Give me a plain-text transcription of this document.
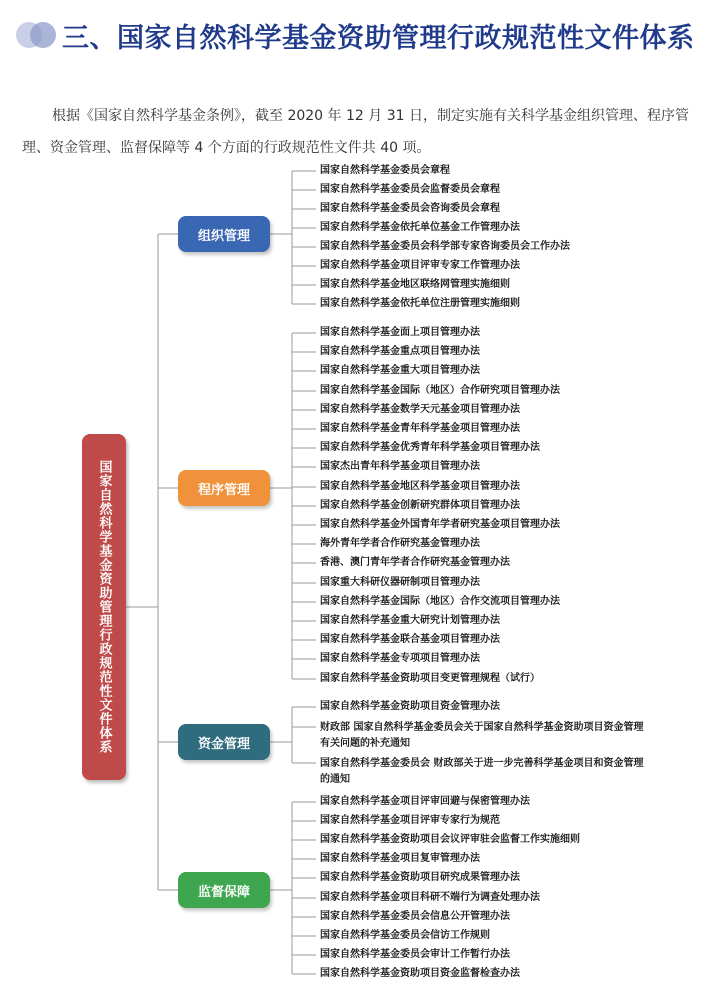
三、国家自然科学基金资助管理行政规范性文件体系

根据《国家自然科学基金条例》，截至 2020 年 12 月 31 日，制定实施有关科学基金组织管理、程序管理、资金管理、监督保障等 4 个方面的行政规范性文件共 40 项。

国家自然科学基金资助管理行政规范性文件体系
组织管理
国家自然科学基金委员会章程
国家自然科学基金委员会监督委员会章程
国家自然科学基金委员会咨询委员会章程
国家自然科学基金依托单位基金工作管理办法
国家自然科学基金委员会科学部专家咨询委员会工作办法
国家自然科学基金项目评审专家工作管理办法
国家自然科学基金地区联络网管理实施细则
国家自然科学基金依托单位注册管理实施细则
程序管理
国家自然科学基金面上项目管理办法
国家自然科学基金重点项目管理办法
国家自然科学基金重大项目管理办法
国家自然科学基金国际（地区）合作研究项目管理办法
国家自然科学基金数学天元基金项目管理办法
国家自然科学基金青年科学基金项目管理办法
国家自然科学基金优秀青年科学基金项目管理办法
国家杰出青年科学基金项目管理办法
国家自然科学基金地区科学基金项目管理办法
国家自然科学基金创新研究群体项目管理办法
国家自然科学基金外国青年学者研究基金项目管理办法
海外青年学者合作研究基金管理办法
香港、澳门青年学者合作研究基金管理办法
国家重大科研仪器研制项目管理办法
国家自然科学基金国际（地区）合作交流项目管理办法
国家自然科学基金重大研究计划管理办法
国家自然科学基金联合基金项目管理办法
国家自然科学基金专项项目管理办法
国家自然科学基金资助项目变更管理规程（试行）
资金管理
国家自然科学基金资助项目资金管理办法
财政部 国家自然科学基金委员会关于国家自然科学基金资助项目资金管理有关问题的补充通知
国家自然科学基金委员会 财政部关于进一步完善科学基金项目和资金管理的通知
监督保障
国家自然科学基金项目评审回避与保密管理办法
国家自然科学基金项目评审专家行为规范
国家自然科学基金资助项目会议评审驻会监督工作实施细则
国家自然科学基金项目复审管理办法
国家自然科学基金资助项目研究成果管理办法
国家自然科学基金项目科研不端行为调查处理办法
国家自然科学基金委员会信息公开管理办法
国家自然科学基金委员会信访工作规则
国家自然科学基金委员会审计工作暂行办法
国家自然科学基金资助项目资金监督检查办法
